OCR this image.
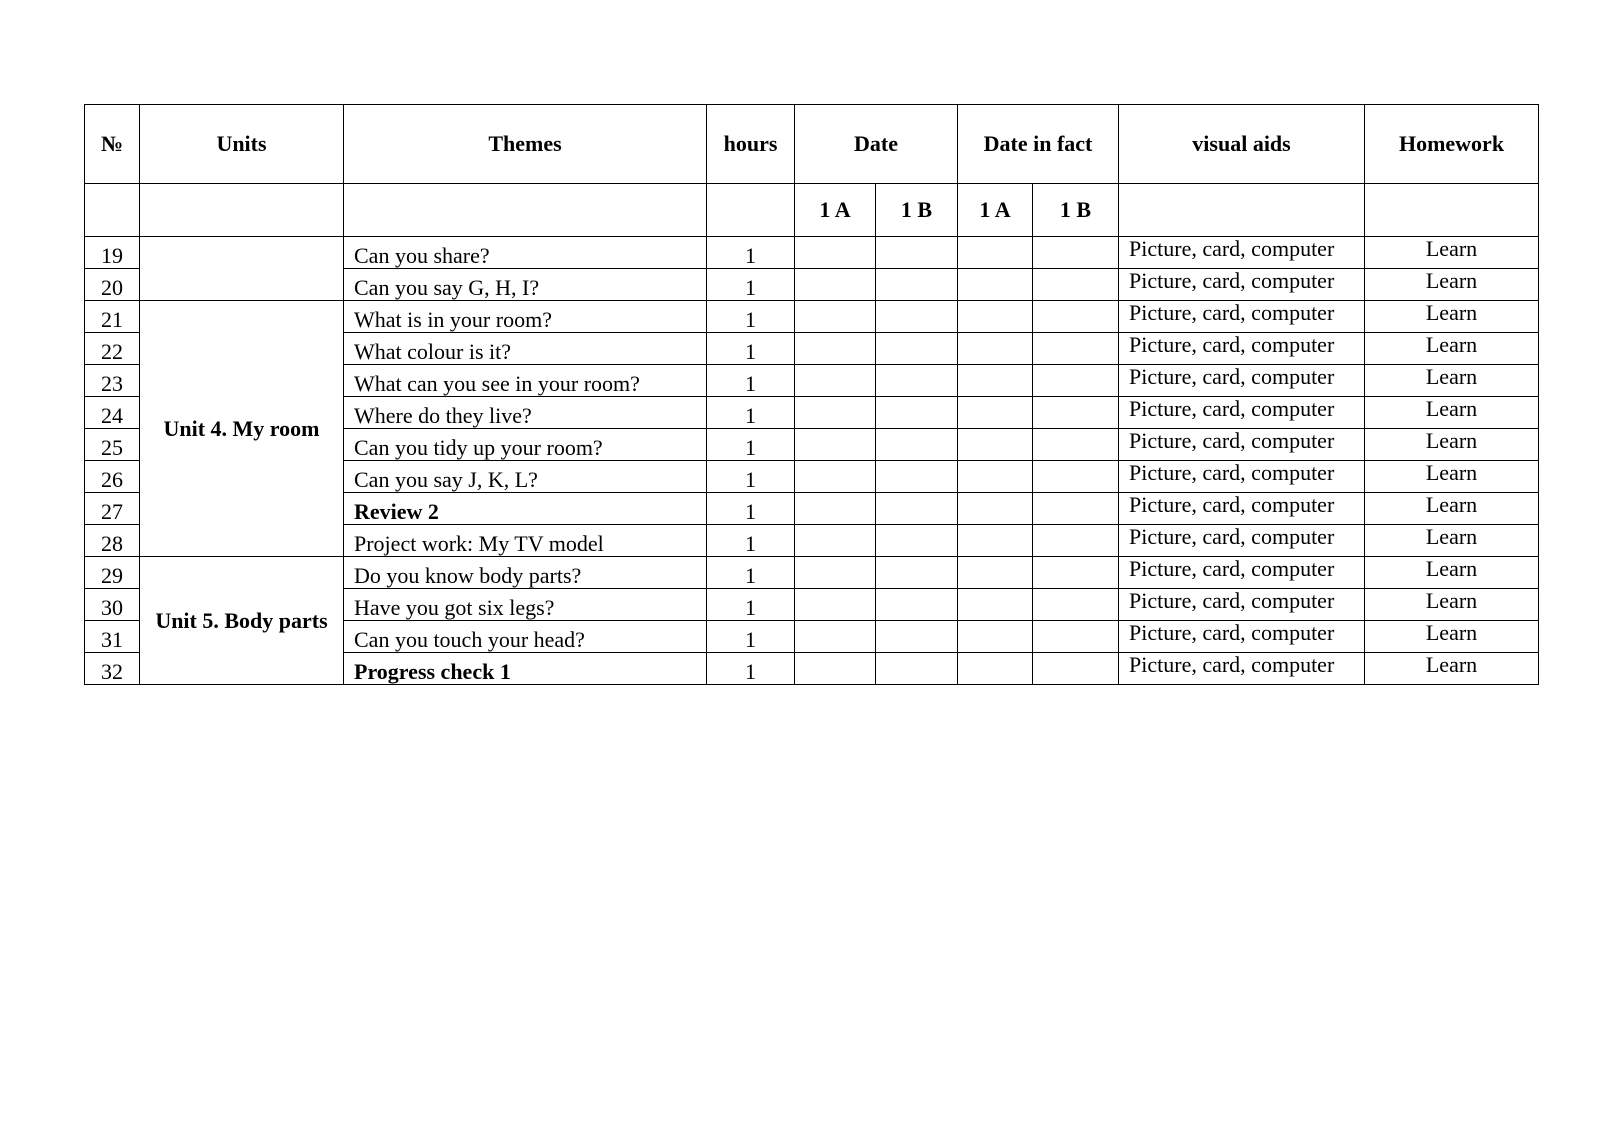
№	Units	Themes	hours	Date		Date in fact		visual aids	Homework
				1 A	1 B	1 A	1 B		
19		Can you share?	1					Picture, card, computer	Learn
20		Can you say G, H, I?	1					Picture, card, computer	Learn
21	Unit 4. My room	What is in your room?	1					Picture, card, computer	Learn
22		What colour is it?	1					Picture, card, computer	Learn
23		What can you see in your room?	1					Picture, card, computer	Learn
24		Where do they live?	1					Picture, card, computer	Learn
25		Can you tidy up your room?	1					Picture, card, computer	Learn
26		Can you say J, K, L?	1					Picture, card, computer	Learn
27		Review 2	1					Picture, card, computer	Learn
28		Project work: My TV model	1					Picture, card, computer	Learn
29	Unit 5. Body parts	Do you know body parts?	1					Picture, card, computer	Learn
30		Have you got six legs?	1					Picture, card, computer	Learn
31		Can you touch your head?	1					Picture, card, computer	Learn
32		Progress check 1	1					Picture, card, computer	Learn
